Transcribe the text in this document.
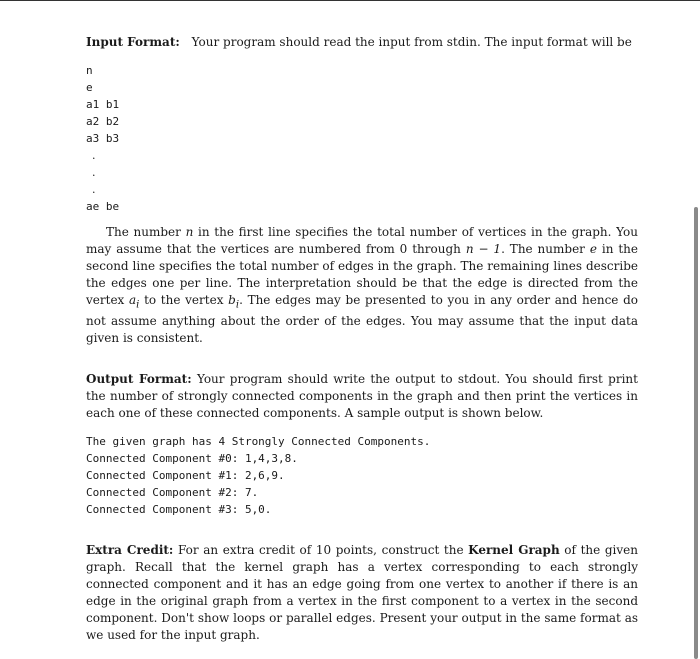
Input Format: Your program should read the input from stdin. The input format will be

n
e
a1 b1
a2 b2
a3 b3
.
.
.
ae be

The number n in the first line specifies the total number of vertices in the graph. You may assume that the vertices are numbered from 0 through n − 1. The number e in the second line specifies the total number of edges in the graph. The remaining lines describe the edges one per line. The interpretation should be that the edge is directed from the vertex $a_i$ to the vertex $b_i$. The edges may be presented to you in any order and hence do not assume anything about the order of the edges. You may assume that the input data given is consistent.

Output Format: Your program should write the output to stdout. You should first print the number of strongly connected components in the graph and then print the vertices in each one of these connected components. A sample output is shown below.

The given graph has 4 Strongly Connected Components.
Connected Component #0: 1,4,3,8.
Connected Component #1: 2,6,9.
Connected Component #2: 7.
Connected Component #3: 5,0.

Extra Credit: For an extra credit of 10 points, construct the Kernel Graph of the given graph. Recall that the kernel graph has a vertex corresponding to each strongly connected component and it has an edge going from one vertex to another if there is an edge in the original graph from a vertex in the first component to a vertex in the second component. Don't show loops or parallel edges. Present your output in the same format as we used for the input graph.
